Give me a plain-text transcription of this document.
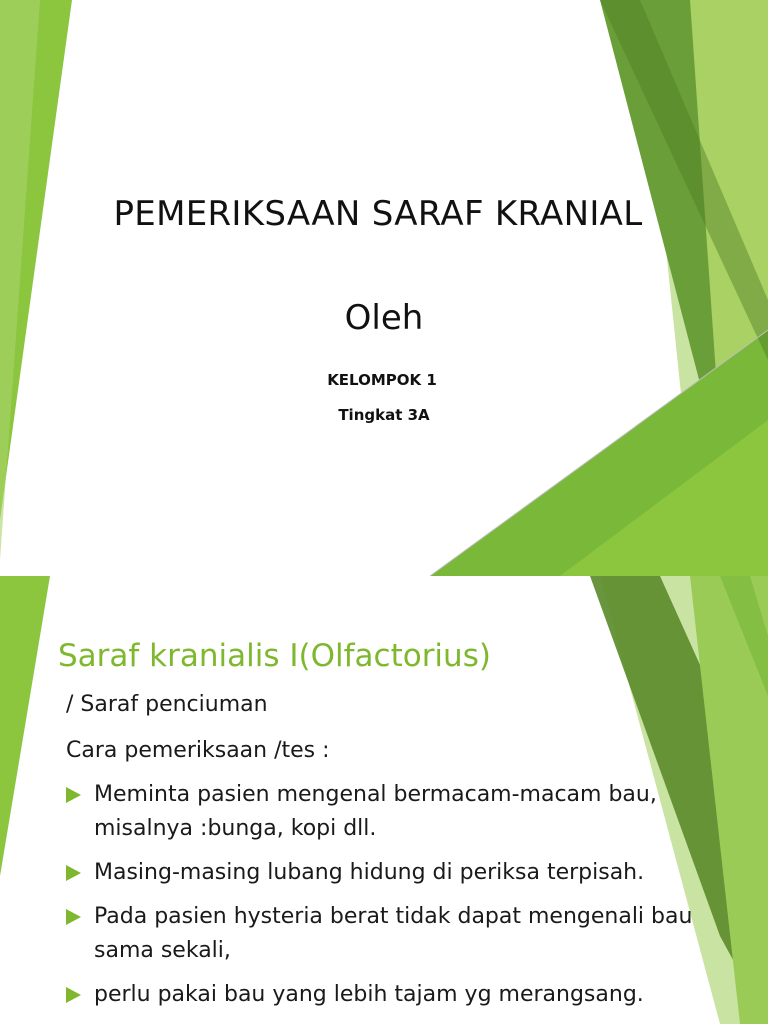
PEMERIKSAAN SARAF KRANIAL
Oleh
KELOMPOK 1
Tingkat 3A
Saraf kranialis I(Olfactorius)
/ Saraf penciuman
Cara pemeriksaan /tes :
Meminta pasien mengenal bermacam-macam bau, misalnya :bunga, kopi dll.
Masing-masing lubang hidung di periksa terpisah.
Pada pasien hysteria berat tidak dapat mengenali bau sama sekali,
perlu pakai bau yang lebih tajam yg merangsang.
